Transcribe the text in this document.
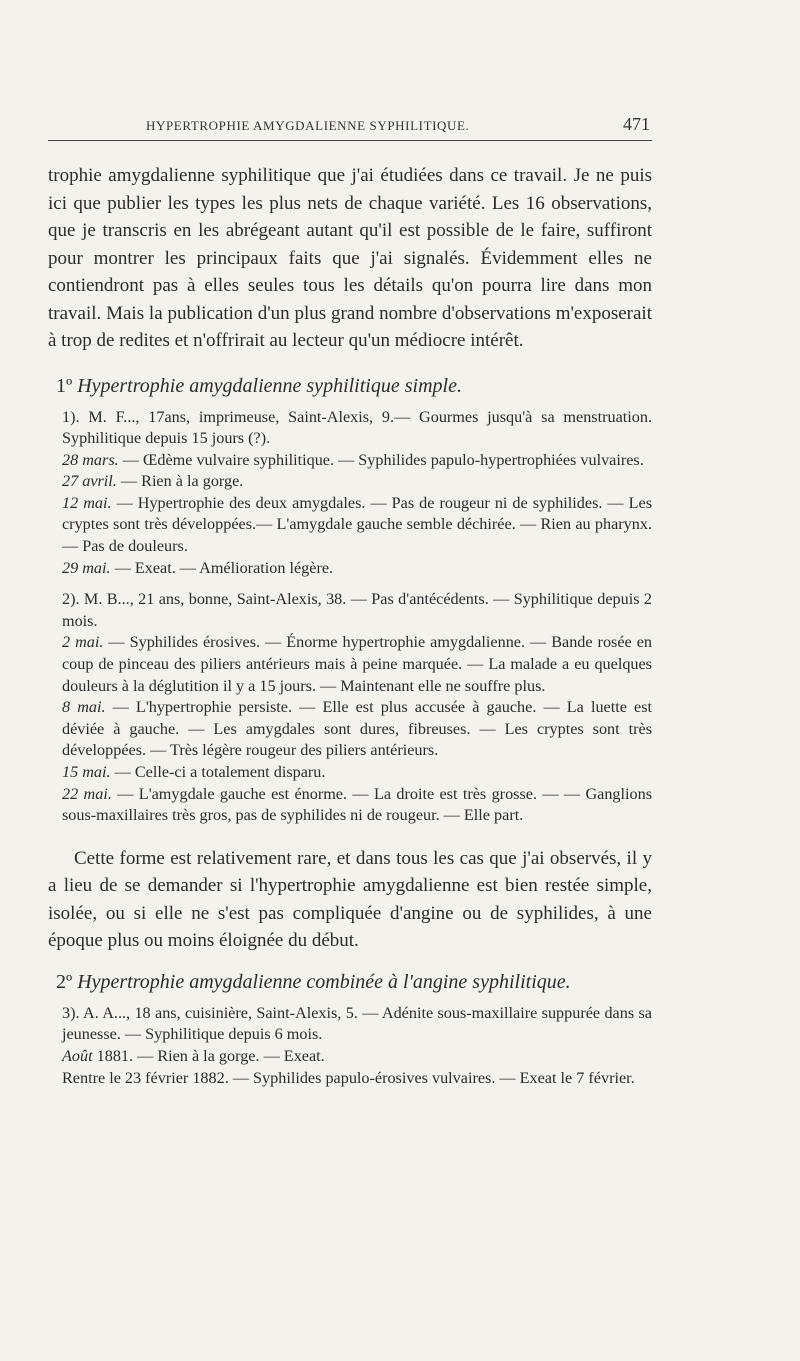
HYPERTROPHIE AMYGDALIENNE SYPHILITIQUE.	471

trophie amygdalienne syphilitique que j'ai étudiées dans ce travail. Je ne puis ici que publier les types les plus nets de chaque variété. Les 16 observations, que je transcris en les abrégeant autant qu'il est possible de le faire, suffiront pour montrer les principaux faits que j'ai signalés. Évidemment elles ne contiendront pas à elles seules tous les détails qu'on pourra lire dans mon travail. Mais la publication d'un plus grand nombre d'observations m'exposerait à trop de redites et n'offrirait au lecteur qu'un médiocre intérêt.

1º Hypertrophie amygdalienne syphilitique simple.

1). M. F..., 17ans, imprimeuse, Saint-Alexis, 9.— Gourmes jusqu'à sa menstruation. Syphilitique depuis 15 jours (?).

28 mars. — Œdème vulvaire syphilitique. — Syphilides papulo-hypertrophiées vulvaires.

27 avril. — Rien à la gorge.

12 mai. — Hypertrophie des deux amygdales. — Pas de rougeur ni de syphilides. — Les cryptes sont très développées.— L'amygdale gauche semble déchirée. — Rien au pharynx. — Pas de douleurs.

29 mai. — Exeat. — Amélioration légère.

2). M. B..., 21 ans, bonne, Saint-Alexis, 38. — Pas d'antécédents. — Syphilitique depuis 2 mois.

2 mai. — Syphilides érosives. — Énorme hypertrophie amygdalienne. — Bande rosée en coup de pinceau des piliers antérieurs mais à peine marquée. — La malade a eu quelques douleurs à la déglutition il y a 15 jours. — Maintenant elle ne souffre plus.

8 mai. — L'hypertrophie persiste. — Elle est plus accusée à gauche. — La luette est déviée à gauche. — Les amygdales sont dures, fibreuses. — Les cryptes sont très développées. — Très légère rougeur des piliers antérieurs.

15 mai. — Celle-ci a totalement disparu.

22 mai. — L'amygdale gauche est énorme. — La droite est très grosse. — — Ganglions sous-maxillaires très gros, pas de syphilides ni de rougeur. — Elle part.

Cette forme est relativement rare, et dans tous les cas que j'ai observés, il y a lieu de se demander si l'hypertrophie amygdalienne est bien restée simple, isolée, ou si elle ne s'est pas compliquée d'angine ou de syphilides, à une époque plus ou moins éloignée du début.

2º Hypertrophie amygdalienne combinée à l'angine syphilitique.

3). A. A..., 18 ans, cuisinière, Saint-Alexis, 5. — Adénite sous-maxillaire suppurée dans sa jeunesse. — Syphilitique depuis 6 mois.

Août 1881. — Rien à la gorge. — Exeat.

Rentre le 23 février 1882. — Syphilides papulo-érosives vulvaires. — Exeat le 7 février.
